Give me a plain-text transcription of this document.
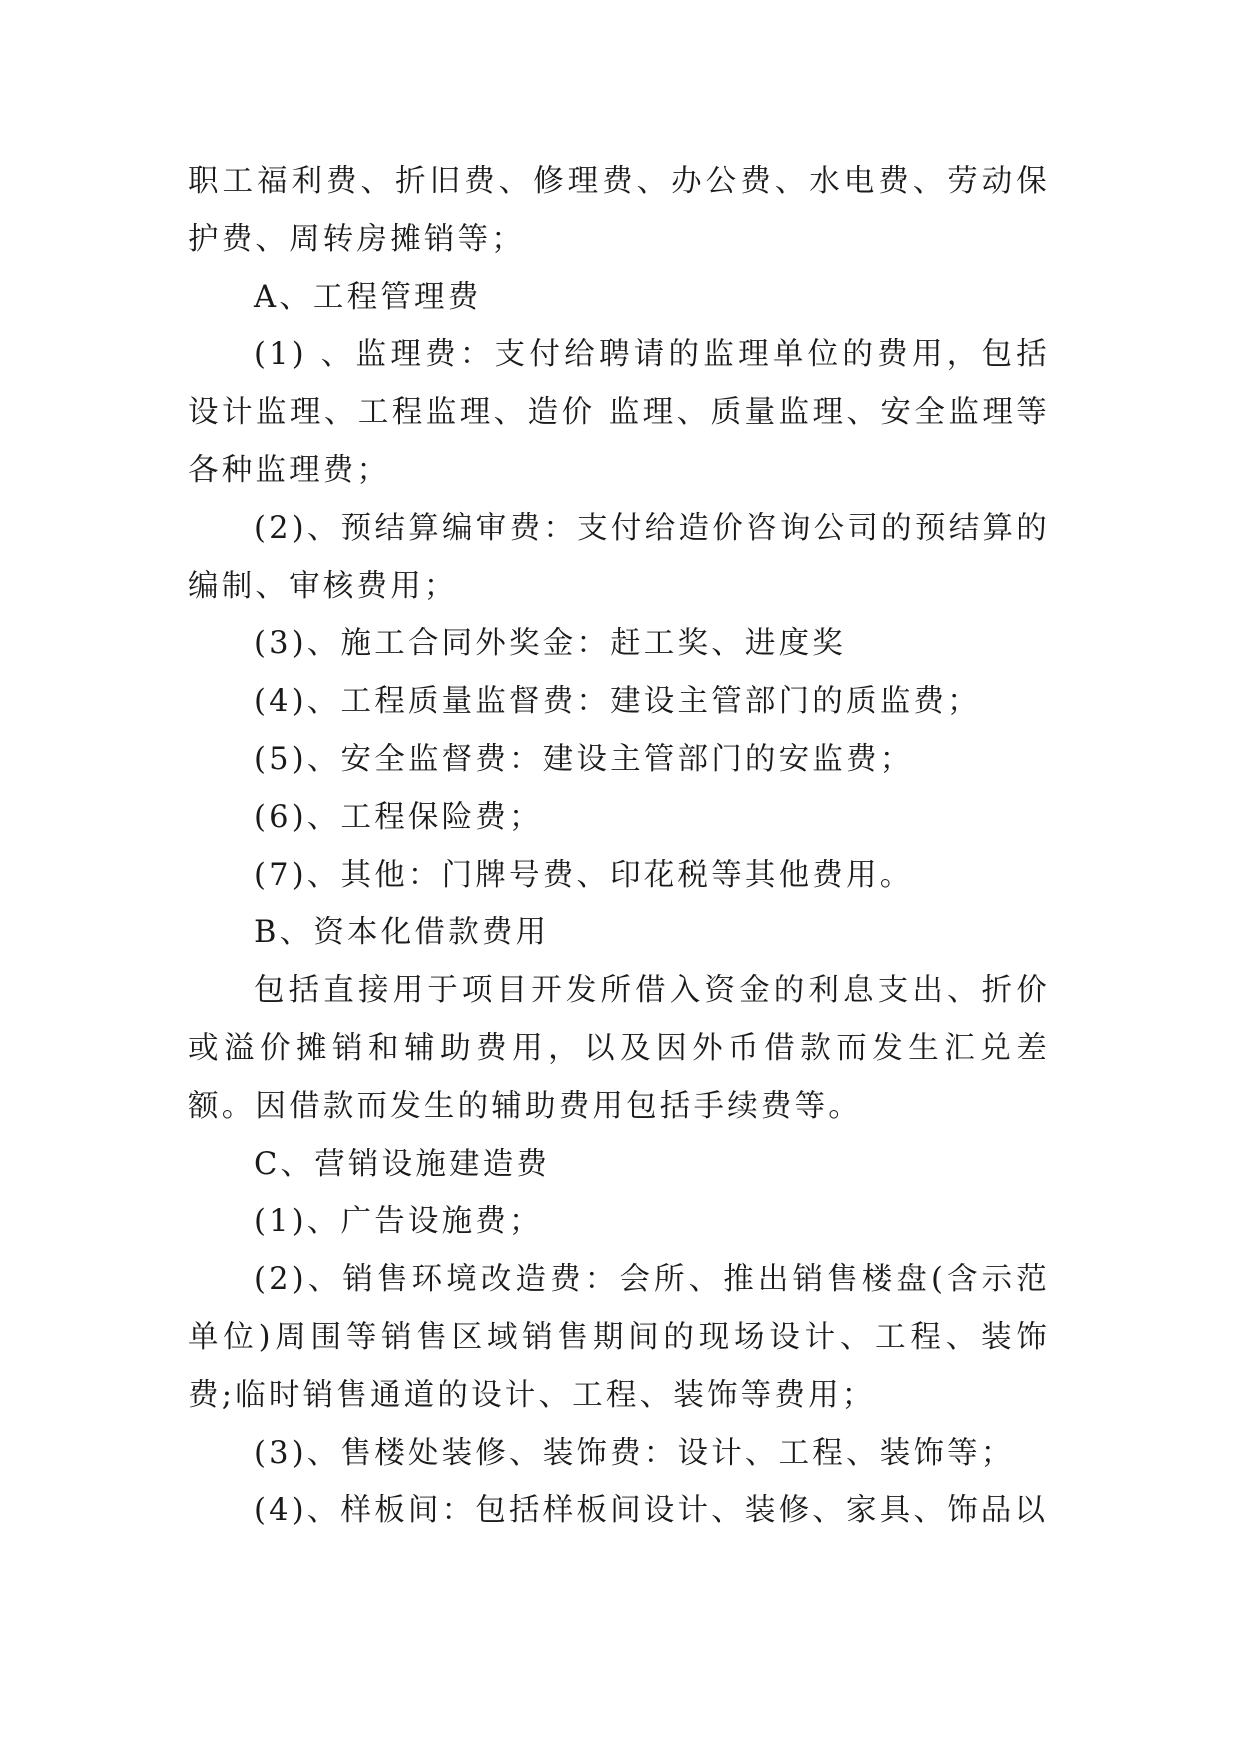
职工福利费、折旧费、修理费、办公费、水电费、劳动保护费、周转房摊销等；

A、工程管理费

(1) 、监理费：支付给聘请的监理单位的费用，包括设计监理、工程监理、造价 监理、质量监理、安全监理等各种监理费；

(2)、预结算编审费：支付给造价咨询公司的预结算的编制、审核费用；

(3)、施工合同外奖金：赶工奖、进度奖

(4)、工程质量监督费：建设主管部门的质监费；

(5)、安全监督费：建设主管部门的安监费；

(6)、工程保险费；

(7)、其他：门牌号费、印花税等其他费用。

B、资本化借款费用

包括直接用于项目开发所借入资金的利息支出、折价或溢价摊销和辅助费用，以及因外币借款而发生汇兑差额。因借款而发生的辅助费用包括手续费等。

C、营销设施建造费

(1)、广告设施费；

(2)、销售环境改造费：会所、推出销售楼盘(含示范单位)周围等销售区域销售期间的现场设计、工程、装饰费;临时销售通道的设计、工程、装饰等费用；

(3)、售楼处装修、装饰费：设计、工程、装饰等；

(4)、样板间：包括样板间设计、装修、家具、饰品以
